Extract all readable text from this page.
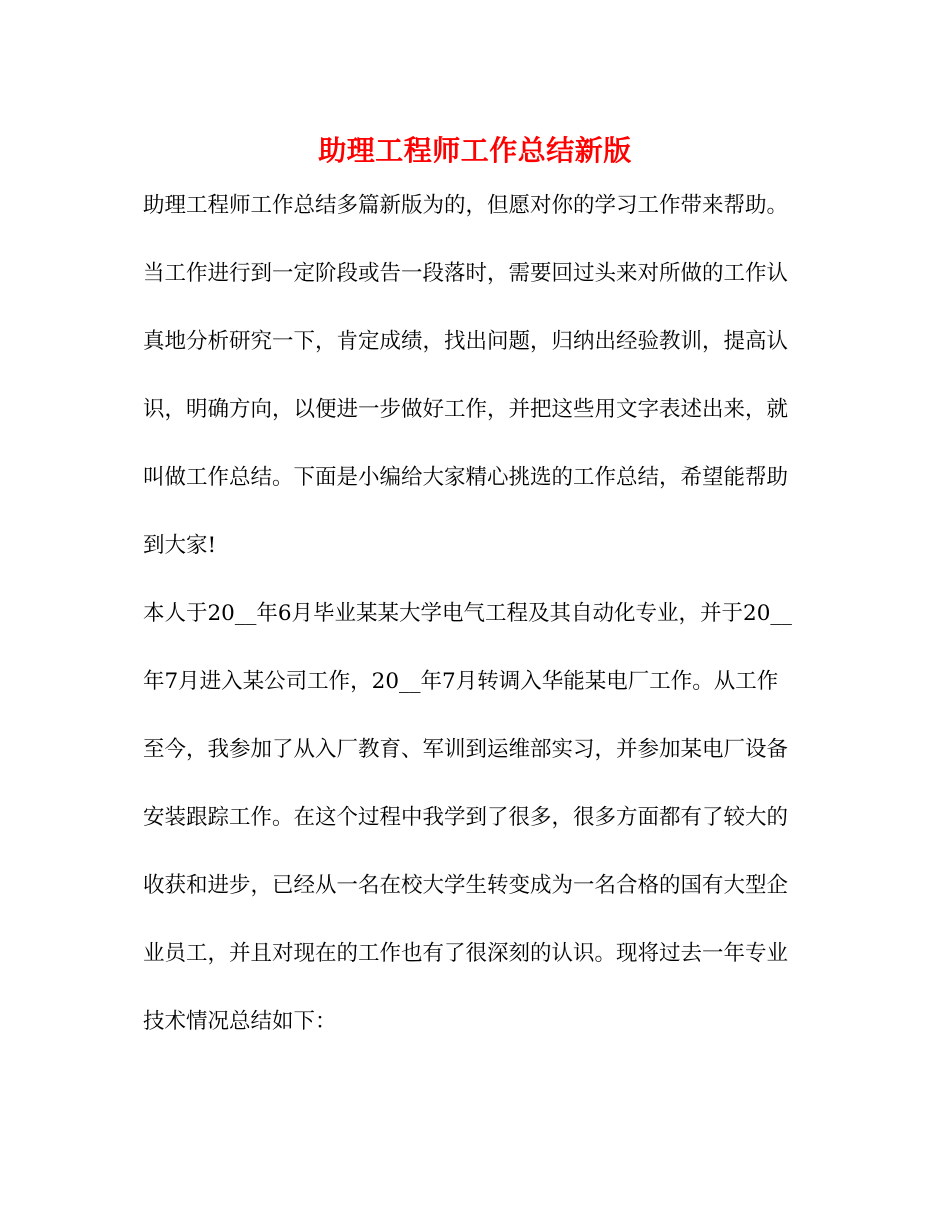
助理工程师工作总结新版
助理工程师工作总结多篇新版为的，但愿对你的学习工作带来帮助。
当工作进行到一定阶段或告一段落时，需要回过头来对所做的工作认
真地分析研究一下，肯定成绩，找出问题，归纳出经验教训，提高认
识，明确方向，以便进一步做好工作，并把这些用文字表述出来，就
叫做工作总结。下面是小编给大家精心挑选的工作总结，希望能帮助
到大家!
本人于20__年6月毕业某某大学电气工程及其自动化专业，并于20__
年7月进入某公司工作，20__年7月转调入华能某电厂工作。从工作
至今，我参加了从入厂教育、军训到运维部实习，并参加某电厂设备
安装跟踪工作。在这个过程中我学到了很多，很多方面都有了较大的
收获和进步，已经从一名在校大学生转变成为一名合格的国有大型企
业员工，并且对现在的工作也有了很深刻的认识。现将过去一年专业
技术情况总结如下：
